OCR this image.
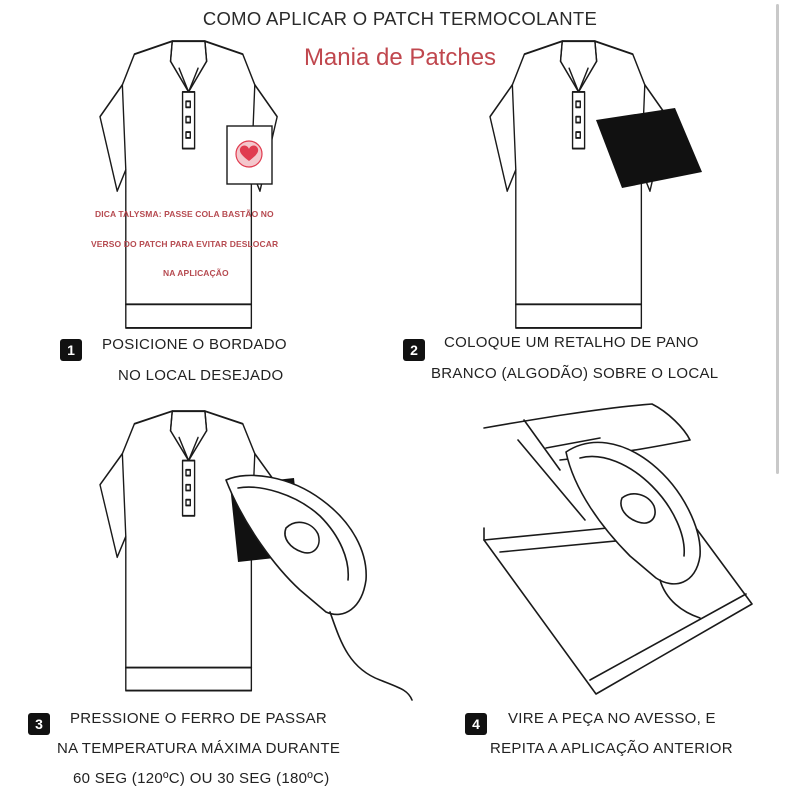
COMO APLICAR O PATCH TERMOCOLANTE
Mania de Patches
DICA TALYSMA: PASSE COLA BASTÃO NO
VERSO DO PATCH PARA EVITAR DESLOCAR
NA APLICAÇÃO
1	POSICIONE O BORDADO
NO LOCAL DESEJADO
2	COLOQUE UM RETALHO DE PANO
BRANCO (ALGODÃO) SOBRE O LOCAL
3	PRESSIONE O FERRO DE PASSAR
NA TEMPERATURA MÁXIMA DURANTE
60 SEG (120ºC) OU 30 SEG (180ºC)
4	VIRE A PEÇA NO AVESSO, E
REPITA A APLICAÇÃO ANTERIOR
